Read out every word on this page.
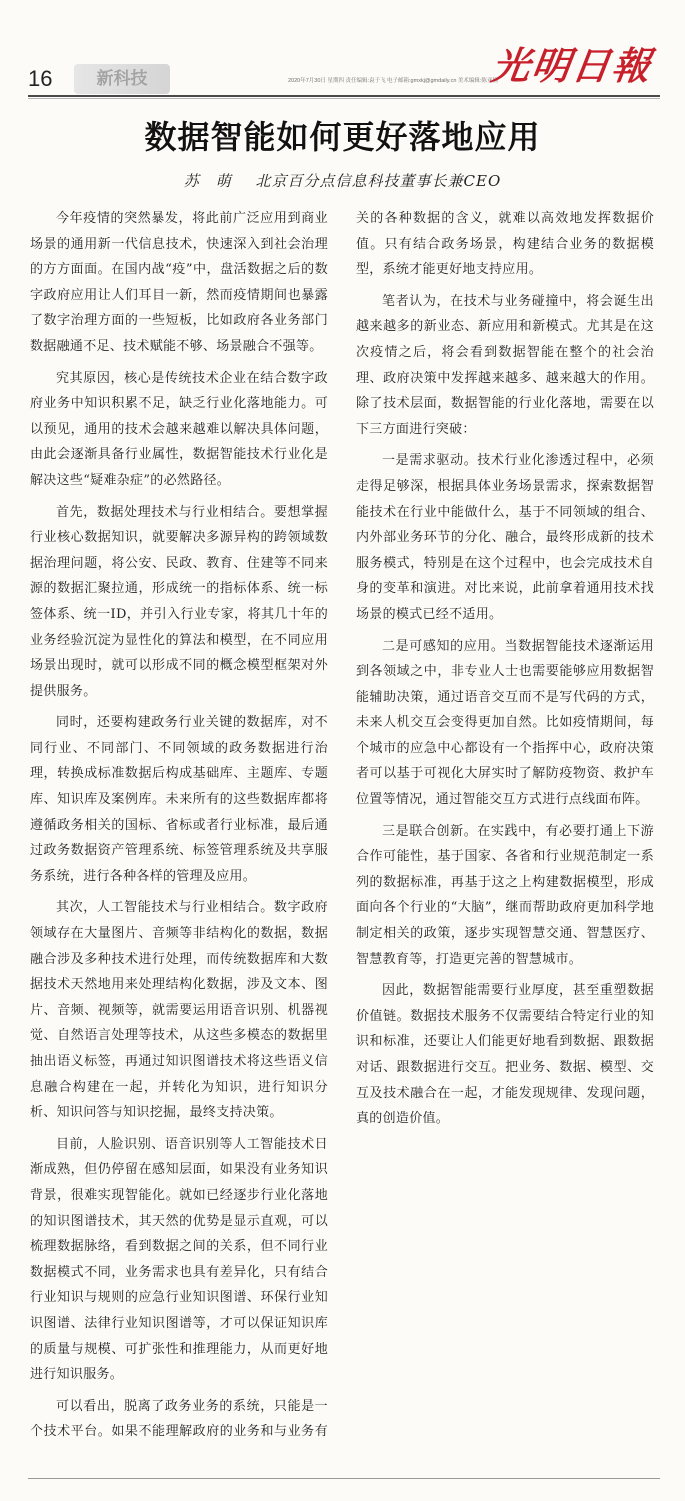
16	新科技	2020年7月30日 星期四 责任编辑:袁于飞 电子邮箱:gmxkj@gmdaily.cn 美术编辑:陈亚楠
光明日報
数据智能如何更好落地应用
苏　萌 北京百分点信息科技董事长兼CEO

今年疫情的突然暴发，将此前广泛应用到商业场景的通用新一代信息技术，快速深入到社会治理的方方面面。在国内战“疫”中，盘活数据之后的数字政府应用让人们耳目一新，然而疫情期间也暴露了数字治理方面的一些短板，比如政府各业务部门数据融通不足、技术赋能不够、场景融合不强等。

究其原因，核心是传统技术企业在结合数字政府业务中知识积累不足，缺乏行业化落地能力。可以预见，通用的技术会越来越难以解决具体问题，由此会逐渐具备行业属性，数据智能技术行业化是解决这些“疑难杂症”的必然路径。

首先，数据处理技术与行业相结合。要想掌握行业核心数据知识，就要解决多源异构的跨领域数据治理问题，将公安、民政、教育、住建等不同来源的数据汇聚拉通，形成统一的指标体系、统一标签体系、统一ID，并引入行业专家，将其几十年的业务经验沉淀为显性化的算法和模型，在不同应用场景出现时，就可以形成不同的概念模型框架对外提供服务。

同时，还要构建政务行业关键的数据库，对不同行业、不同部门、不同领域的政务数据进行治理，转换成标准数据后构成基础库、主题库、专题库、知识库及案例库。未来所有的这些数据库都将遵循政务相关的国标、省标或者行业标准，最后通过政务数据资产管理系统、标签管理系统及共享服务系统，进行各种各样的管理及应用。

其次，人工智能技术与行业相结合。数字政府领域存在大量图片、音频等非结构化的数据，数据融合涉及多种技术进行处理，而传统数据库和大数据技术天然地用来处理结构化数据，涉及文本、图片、音频、视频等，就需要运用语音识别、机器视觉、自然语言处理等技术，从这些多模态的数据里抽出语义标签，再通过知识图谱技术将这些语义信息融合构建在一起，并转化为知识，进行知识分析、知识问答与知识挖掘，最终支持决策。

目前，人脸识别、语音识别等人工智能技术日渐成熟，但仍停留在感知层面，如果没有业务知识背景，很难实现智能化。就如已经逐步行业化落地的知识图谱技术，其天然的优势是显示直观，可以梳理数据脉络，看到数据之间的关系，但不同行业数据模式不同，业务需求也具有差异化，只有结合行业知识与规则的应急行业知识图谱、环保行业知识图谱、法律行业知识图谱等，才可以保证知识库的质量与规模、可扩张性和推理能力，从而更好地进行知识服务。

可以看出，脱离了政务业务的系统，只能是一个技术平台。如果不能理解政府的业务和与业务有关的各种数据的含义，就难以高效地发挥数据价值。只有结合政务场景，构建结合业务的数据模型，系统才能更好地支持应用。

笔者认为，在技术与业务碰撞中，将会诞生出越来越多的新业态、新应用和新模式。尤其是在这次疫情之后，将会看到数据智能在整个的社会治理、政府决策中发挥越来越多、越来越大的作用。除了技术层面，数据智能的行业化落地，需要在以下三方面进行突破：

一是需求驱动。技术行业化渗透过程中，必须走得足够深，根据具体业务场景需求，探索数据智能技术在行业中能做什么，基于不同领域的组合、内外部业务环节的分化、融合，最终形成新的技术服务模式，特别是在这个过程中，也会完成技术自身的变革和演进。对比来说，此前拿着通用技术找场景的模式已经不适用。

二是可感知的应用。当数据智能技术逐渐运用到各领域之中，非专业人士也需要能够应用数据智能辅助决策，通过语音交互而不是写代码的方式，未来人机交互会变得更加自然。比如疫情期间，每个城市的应急中心都设有一个指挥中心，政府决策者可以基于可视化大屏实时了解防疫物资、救护车位置等情况，通过智能交互方式进行点线面布阵。

三是联合创新。在实践中，有必要打通上下游合作可能性，基于国家、各省和行业规范制定一系列的数据标准，再基于这之上构建数据模型，形成面向各个行业的“大脑”，继而帮助政府更加科学地制定相关的政策，逐步实现智慧交通、智慧医疗、智慧教育等，打造更完善的智慧城市。

因此，数据智能需要行业厚度，甚至重塑数据价值链。数据技术服务不仅需要结合特定行业的知识和标准，还要让人们能更好地看到数据、跟数据对话、跟数据进行交互。把业务、数据、模型、交互及技术融合在一起，才能发现规律、发现问题，真的创造价值。
